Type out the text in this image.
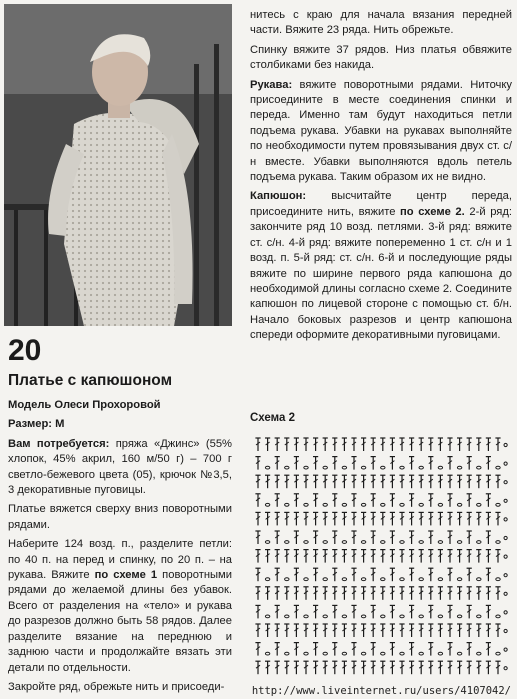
20
Платье с капюшоном

Модель Олеси Прохоровой

Размер: М

Вам потребуется: пряжа «Джинс» (55% хлопок, 45% акрил, 160 м/50 г) – 700 г светло-бежевого цвета (05), крючок №3,5, 3 декоративные пуговицы.

Платье вяжется сверху вниз поворотными рядами.

Наберите 124 возд. п., разделите петли: по 40 п. на перед и спинку, по 20 п. – на рукава. Вяжите по схеме 1 поворотными рядами до желаемой длины без убавок. Всего от разделения на «тело» и рукава до разрезов должно быть 58 рядов. Далее разделите вязание на переднюю и заднюю части и продолжайте вязать эти детали по отдельности.

Закройте ряд, обрежьте нить и присоеди-

нитесь с краю для начала вязания передней части. Вяжите 23 ряда. Нить обрежьте.

Спинку вяжите 37 рядов. Низ платья обвяжите столбиками без накида.

Рукава: вяжите поворотными рядами. Ниточку присоедините в месте соединения спинки и переда. Именно там будут находиться петли подъема рукава. Убавки на рукавах выполняйте по необходимости путем провязывания двух ст. с/н вместе. Убавки выполняются вдоль петель подъема рукава. Таким образом их не видно.

Капюшон: высчитайте центр переда, присоедините нить, вяжите по схеме 2. 2-й ряд: закончите ряд 10 возд. петлями. 3-й ряд: вяжите ст. с/н. 4-й ряд: вяжите попеременно 1 ст. с/н и 1 возд. п. 5-й ряд: ст. с/н. 6-й и последующие ряды вяжите по ширине первого ряда капюшона до необходимой длины согласно схеме 2. Соедините капюшон по лицевой стороне с помощью ст. б/н. Начало боковых разрезов и центр капюшона спереди оформите декоративными пуговицами.

Схема 2
http://www.liveinternet.ru/users/4107042/
